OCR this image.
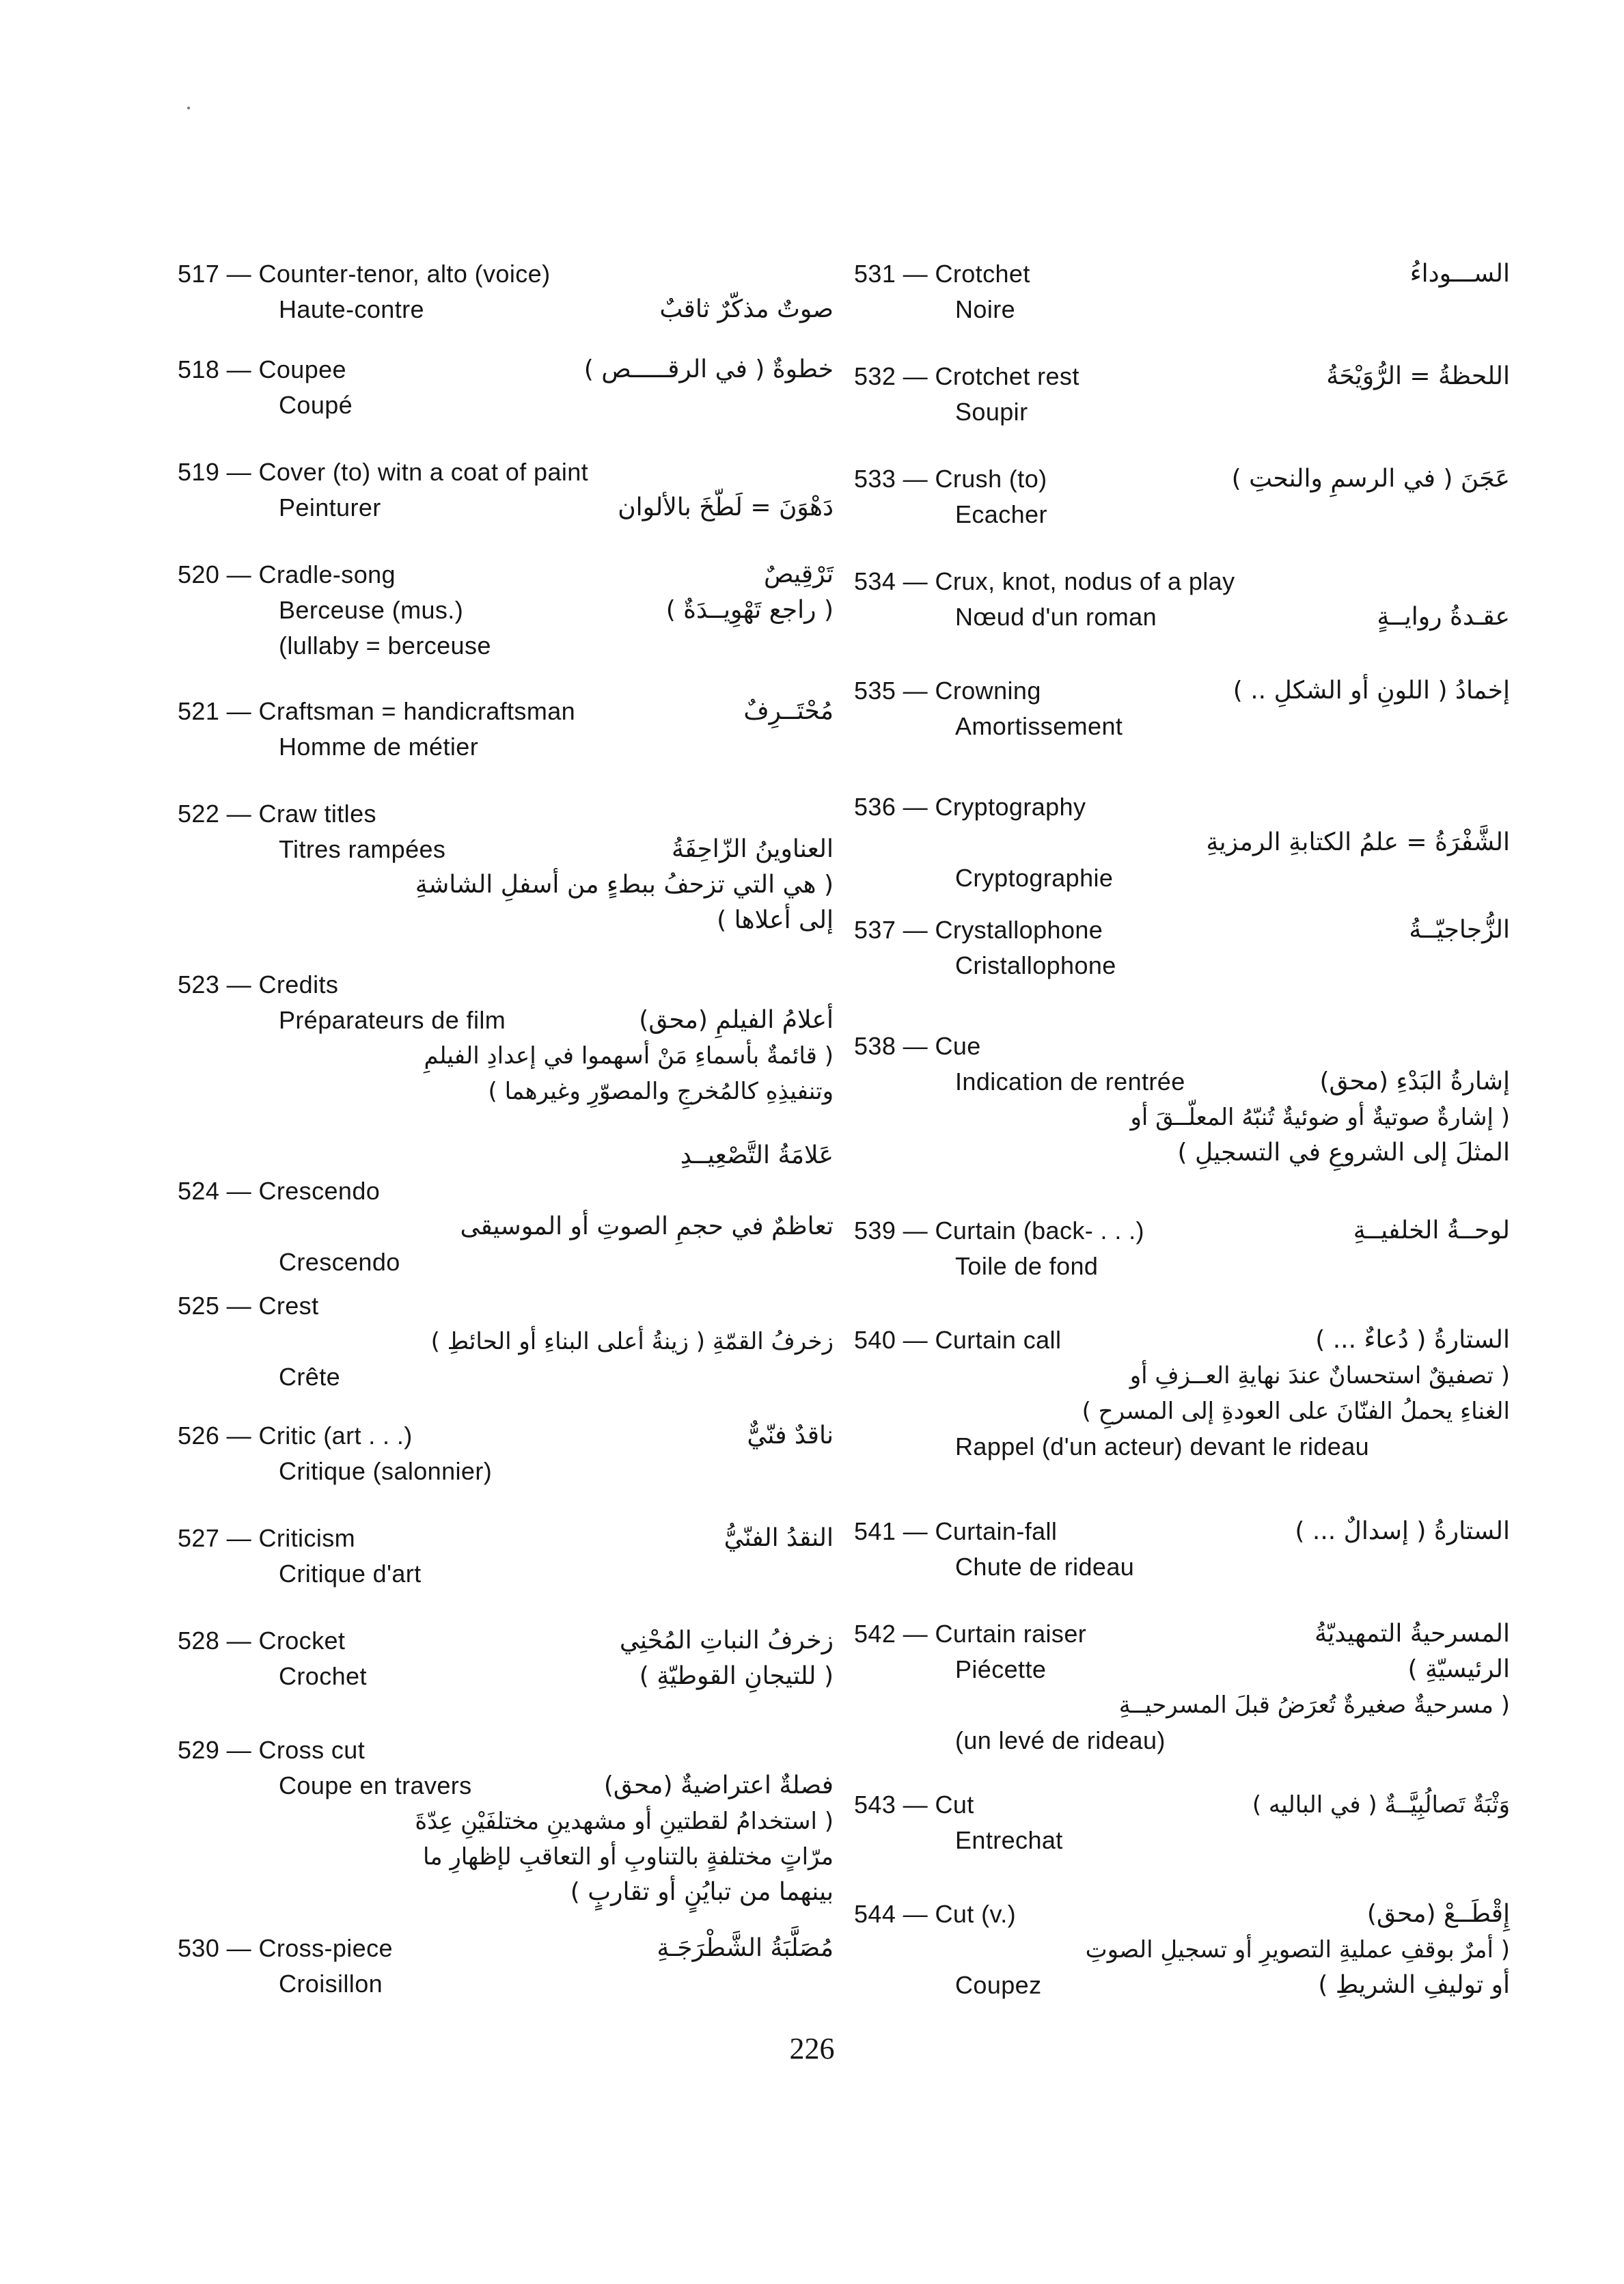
517 — Counter-tenor, alto (voice)
Haute-contre	صوتٌ مذكّرٌ ثاقبٌ
518 — Coupee	خطوةٌ ( في الرقـــــص )
Coupé
519 — Cover (to) witn a coat of paint
Peinturer	دَهْوَنَ = لَطّخَ بالألوان
520 — Cradle-song	تَرْقِيصٌ
Berceuse (mus.)	( راجع تَهْوِيــدَةٌ )
(lullaby = berceuse
521 — Craftsman = handicraftsman	مُحْتَــرِفٌ
Homme de métier
522 — Craw titles
Titres rampées	العناوينُ الزّاحِفَةُ
( هي التي تزحفُ ببطءٍ من أسفلِ الشاشةِ
إلى أعلاها )
523 — Credits
Préparateurs de film	أعلامُ الفيلمِ (محق)
( قائمةٌ بأسماءِ مَنْ أسهموا في إعدادِ الفيلمِ
وتنفيذِهِ كالمُخرجِ والمصوّرِ وغيرهما )
عَلامَةُ التَّصْعِيــدِ
524 — Crescendo
تعاظمٌ في حجمِ الصوتِ أو الموسيقى
Crescendo
525 — Crest
زخرفُ القمّةِ ( زينةُ أعلى البناءِ أو الحائطِ )
Crête
526 — Critic (art . . .)	ناقدٌ فنّيٌّ
Critique (salonnier)
527 — Criticism	النقدُ الفنّيُّ
Critique d'art
528 — Crocket	زخرفُ النباتِ المُحْنِي
Crochet	( للتيجانِ القوطيّةِ )
529 — Cross cut
Coupe en travers	فصلةٌ اعتراضيةٌ (محق)
( استخدامُ لقطتينِ أو مشهدينِ مختلفَيْنِ عِدّةَ
مرّاتٍ مختلفةٍ بالتناوبِ أو التعاقبِ لإظهارِ ما
بينهما من تبايُنٍ أو تقاربٍ )
530 — Cross-piece	مُصَلَّبَةُ الشَّطْرَجَـةِ
Croisillon
531 — Crotchet	الســـوداءُ
Noire
532 — Crotchet rest	اللحظةُ = الرُّوَيْحَةُ
Soupir
533 — Crush (to)	عَجَنَ ( في الرسمِ والنحتِ )
Ecacher
534 — Crux, knot, nodus of a play
Nœud d'un roman	عقـدةُ روايــةٍ
535 — Crowning	إخمادُ ( اللونِ أو الشكلِ .. )
Amortissement
536 — Cryptography
الشَّفْرَةُ = علمُ الكتابةِ الرمزيةِ
Cryptographie
537 — Crystallophone	الزُّجاجيّــةُ
Cristallophone
538 — Cue
Indication de rentrée	إشارةُ البَدْءِ (محق)
( إشارةٌ صوتيةٌ أو ضوئيةٌ تُنبّهُ المعلّــقَ أو
المثلَ إلى الشروعِ في التسجيلِ )
539 — Curtain (back- . . .)	لوحــةُ الخلفيــةِ
Toile de fond
540 — Curtain call	الستارةُ ( دُعاءٌ ... )
( تصفيقٌ استحسانٌ عندَ نهايةِ العــزفِ أو
الغناءِ يحملُ الفنّانَ على العودةِ إلى المسرحِ )
Rappel (d'un acteur) devant le rideau
541 — Curtain-fall	الستارةُ ( إسدالٌ ... )
Chute de rideau
542 — Curtain raiser	المسرحيةُ التمهيديّةُ
Piécette	الرئيسيّةِ )
( مسرحيةٌ صغيرةٌ تُعرَضُ قبلَ المسرحيــةِ
(un levé de rideau)
543 — Cut	وَثْبَةٌ تَصالُبِيَّــةٌ ( في الباليه )
Entrechat
544 — Cut (v.)	إِقْطَــعْ (محق)
( أمرٌ بوقفِ عمليةِ التصويرِ أو تسجيلِ الصوتِ
Coupez	أو توليفِ الشريطِ )
226
